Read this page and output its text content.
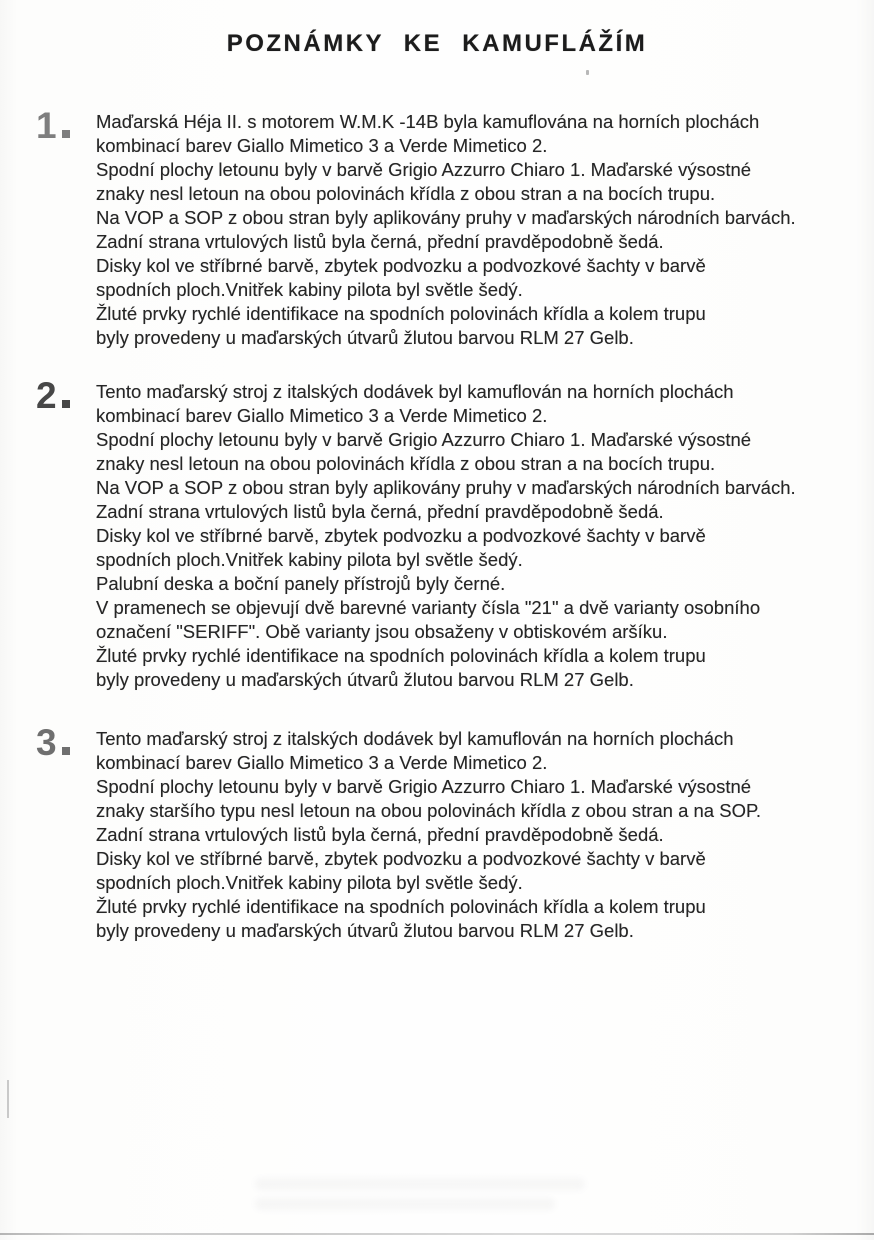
POZNÁMKY KE KAMUFLÁŽÍM
1	Maďarská Héja II. s motorem W.M.K -14B byla kamuflována na horních plochách
kombinací barev Giallo Mimetico 3 a Verde Mimetico 2.
Spodní plochy letounu byly v barvě Grigio Azzurro Chiaro 1. Maďarské výsostné
znaky nesl letoun na obou polovinách křídla z obou stran a na bocích trupu.
Na VOP a SOP z obou stran byly aplikovány pruhy v maďarských národních barvách.
Zadní strana vrtulových listů byla černá, přední pravděpodobně šedá.
Disky kol ve stříbrné barvě, zbytek podvozku a podvozkové šachty v barvě
spodních ploch.Vnitřek kabiny pilota byl světle šedý.
Žluté prvky rychlé identifikace na spodních polovinách křídla a kolem trupu
byly provedeny u maďarských útvarů žlutou barvou RLM 27 Gelb.
2	Tento maďarský stroj z italských dodávek byl kamuflován na horních plochách
kombinací barev Giallo Mimetico 3 a Verde Mimetico 2.
Spodní plochy letounu byly v barvě Grigio Azzurro Chiaro 1. Maďarské výsostné
znaky nesl letoun na obou polovinách křídla z obou stran a na bocích trupu.
Na VOP a SOP z obou stran byly aplikovány pruhy v maďarských národních barvách.
Zadní strana vrtulových listů byla černá, přední pravděpodobně šedá.
Disky kol ve stříbrné barvě, zbytek podvozku a podvozkové šachty v barvě
spodních ploch.Vnitřek kabiny pilota byl světle šedý.
Palubní deska a boční panely přístrojů byly černé.
V pramenech se objevují dvě barevné varianty čísla "21" a dvě varianty osobního
označení "SERIFF". Obě varianty jsou obsaženy v obtiskovém aršíku.
Žluté prvky rychlé identifikace na spodních polovinách křídla a kolem trupu
byly provedeny u maďarských útvarů žlutou barvou RLM 27 Gelb.
3	Tento maďarský stroj z italských dodávek byl kamuflován na horních plochách
kombinací barev Giallo Mimetico 3 a Verde Mimetico 2.
Spodní plochy letounu byly v barvě Grigio Azzurro Chiaro 1. Maďarské výsostné
znaky staršího typu nesl letoun na obou polovinách křídla z obou stran a na SOP.
Zadní strana vrtulových listů byla černá, přední pravděpodobně šedá.
Disky kol ve stříbrné barvě, zbytek podvozku a podvozkové šachty v barvě
spodních ploch.Vnitřek kabiny pilota byl světle šedý.
Žluté prvky rychlé identifikace na spodních polovinách křídla a kolem trupu
byly provedeny u maďarských útvarů žlutou barvou RLM 27 Gelb.
